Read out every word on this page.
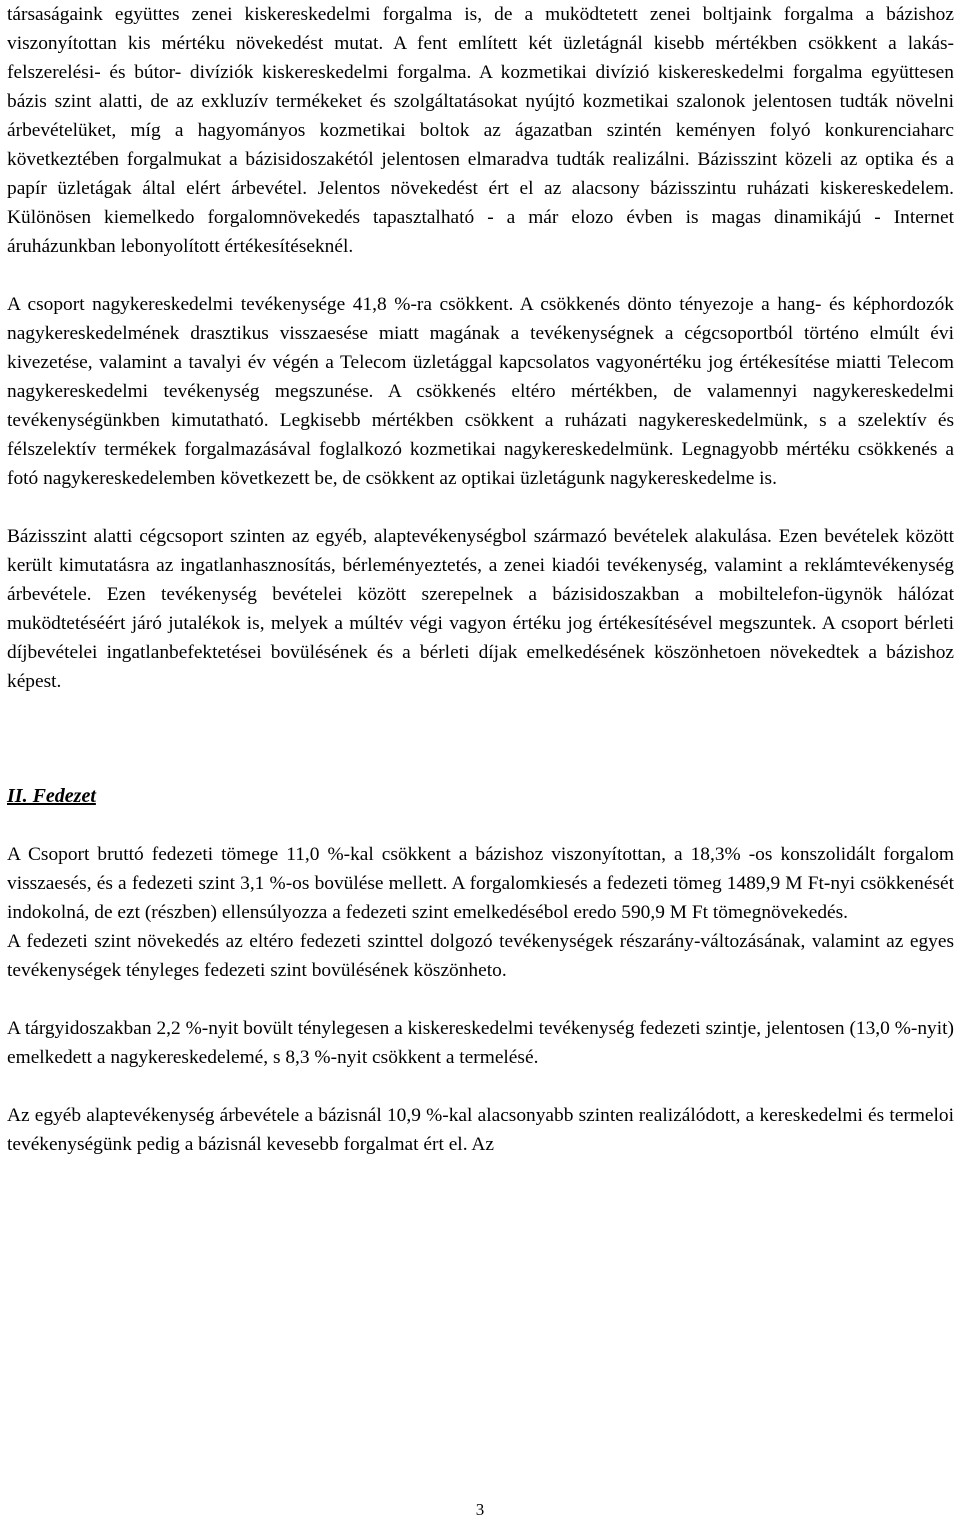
társaságaink együttes zenei kiskereskedelmi forgalma is, de a muködtetett zenei boltjaink forgalma a bázishoz viszonyítottan kis mértéku növekedést mutat. A fent említett két üzletágnál kisebb mértékben csökkent a lakás-felszerelési- és bútor- divíziók kiskereskedelmi forgalma. A kozmetikai divízió kiskereskedelmi forgalma együttesen bázis szint alatti, de az exkluzív termékeket és szolgáltatásokat nyújtó kozmetikai szalonok jelentosen tudták növelni árbevételüket, míg a hagyományos kozmetikai boltok az ágazatban szintén keményen folyó konkurenciaharc következtében forgalmukat a bázisidoszakétól jelentosen elmaradva tudták realizálni. Bázisszint közeli az optika és a papír üzletágak által elért árbevétel. Jelentos növekedést ért el az alacsony bázisszintu ruházati kiskereskedelem. Különösen kiemelkedo forgalomnövekedés tapasztalható - a már elozo évben is magas dinamikájú - Internet áruházunkban lebonyolított értékesítéseknél.

A csoport nagykereskedelmi tevékenysége 41,8 %-ra csökkent. A csökkenés dönto tényezoje a hang- és képhordozók nagykereskedelmének drasztikus visszaesése miatt magának a tevékenységnek a cégcsoportból történo elmúlt évi kivezetése, valamint a tavalyi év végén a Telecom üzletággal kapcsolatos vagyonértéku jog értékesítése miatti Telecom nagykereskedelmi tevékenység megszunése. A csökkenés eltéro mértékben, de valamennyi nagykereskedelmi tevékenységünkben kimutatható. Legkisebb mértékben csökkent a ruházati nagykereskedelmünk, s a szelektív és félszelektív termékek forgalmazásával foglalkozó kozmetikai nagykereskedelmünk. Legnagyobb mértéku csökkenés a fotó nagykereskedelemben következett be, de csökkent az optikai üzletágunk nagykereskedelme is.

Bázisszint alatti cégcsoport szinten az egyéb, alaptevékenységbol származó bevételek alakulása. Ezen bevételek között került kimutatásra az ingatlanhasznosítás, bérleményeztetés, a zenei kiadói tevékenység, valamint a reklámtevékenység árbevétele. Ezen tevékenység bevételei között szerepelnek a bázisidoszakban a mobiltelefon-ügynök hálózat muködtetéséért járó jutalékok is, melyek a múltév végi vagyon értéku jog értékesítésével megszuntek. A csoport bérleti díjbevételei ingatlanbefektetései bovülésének és a bérleti díjak emelkedésének köszönhetoen növekedtek a bázishoz képest.

II. Fedezet

A Csoport bruttó fedezeti tömege 11,0 %-kal csökkent a bázishoz viszonyítottan, a 18,3% -os konszolidált forgalom visszaesés, és a fedezeti szint 3,1 %-os bovülése mellett. A forgalomkiesés a fedezeti tömeg 1489,9 M Ft-nyi csökkenését indokolná, de ezt (részben) ellensúlyozza a fedezeti szint emelkedésébol eredo 590,9 M Ft tömegnövekedés.

A fedezeti szint növekedés az eltéro fedezeti szinttel dolgozó tevékenységek részarány-változásának, valamint az egyes tevékenységek tényleges fedezeti szint bovülésének köszönheto.

A tárgyidoszakban 2,2 %-nyit bovült ténylegesen a kiskereskedelmi tevékenység fedezeti szintje, jelentosen (13,0 %-nyit) emelkedett a nagykereskedelemé, s 8,3 %-nyit csökkent a termelésé.

Az egyéb alaptevékenység árbevétele a bázisnál 10,9 %-kal alacsonyabb szinten realizálódott, a kereskedelmi és termeloi tevékenységünk pedig a bázisnál kevesebb forgalmat ért el. Az

3
